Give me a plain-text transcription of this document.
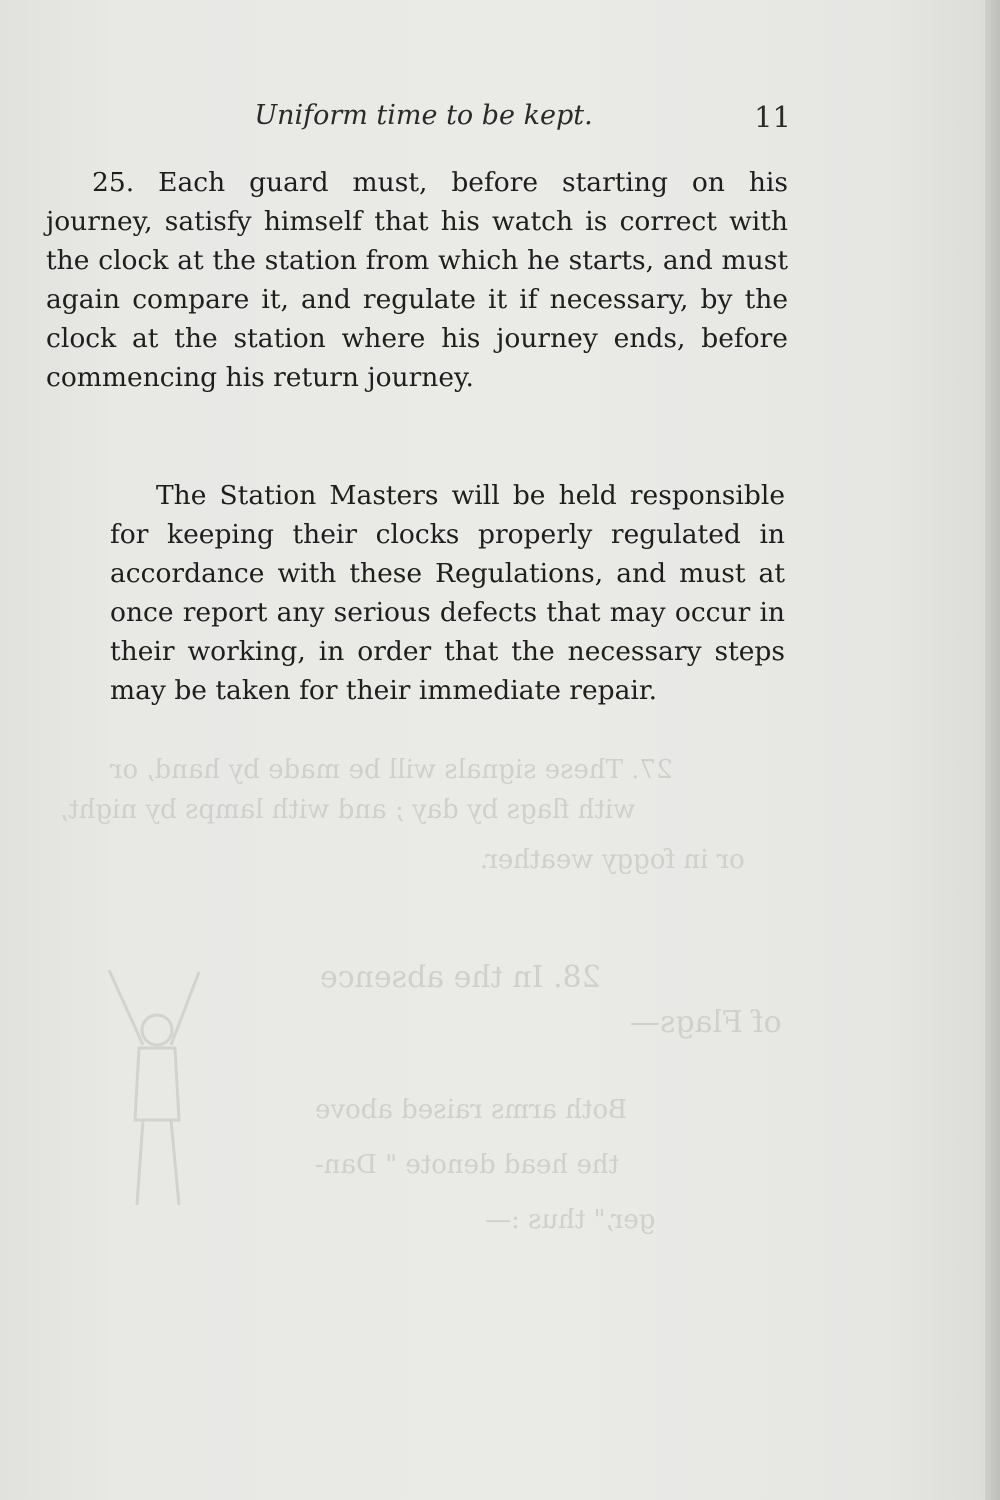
27. These signals will be made by hand, or
with flags by day ; and with lamps by night,
or in foggy weather.
28. In the absence
of Flags—
Both arms raised above
the head denote " Dan-
ger," thus :—
Uniform time to be kept.	11

25. Each guard must, before starting on his journey, satisfy himself that his watch is correct with the clock at the station from which he starts, and must again compare it, and regulate it if necessary, by the clock at the station where his journey ends, before commencing his return journey.

The Station Masters will be held responsible for keeping their clocks properly regulated in accordance with these Regulations, and must at once report any serious defects that may occur in their working, in order that the necessary steps may be taken for their immediate repair.
